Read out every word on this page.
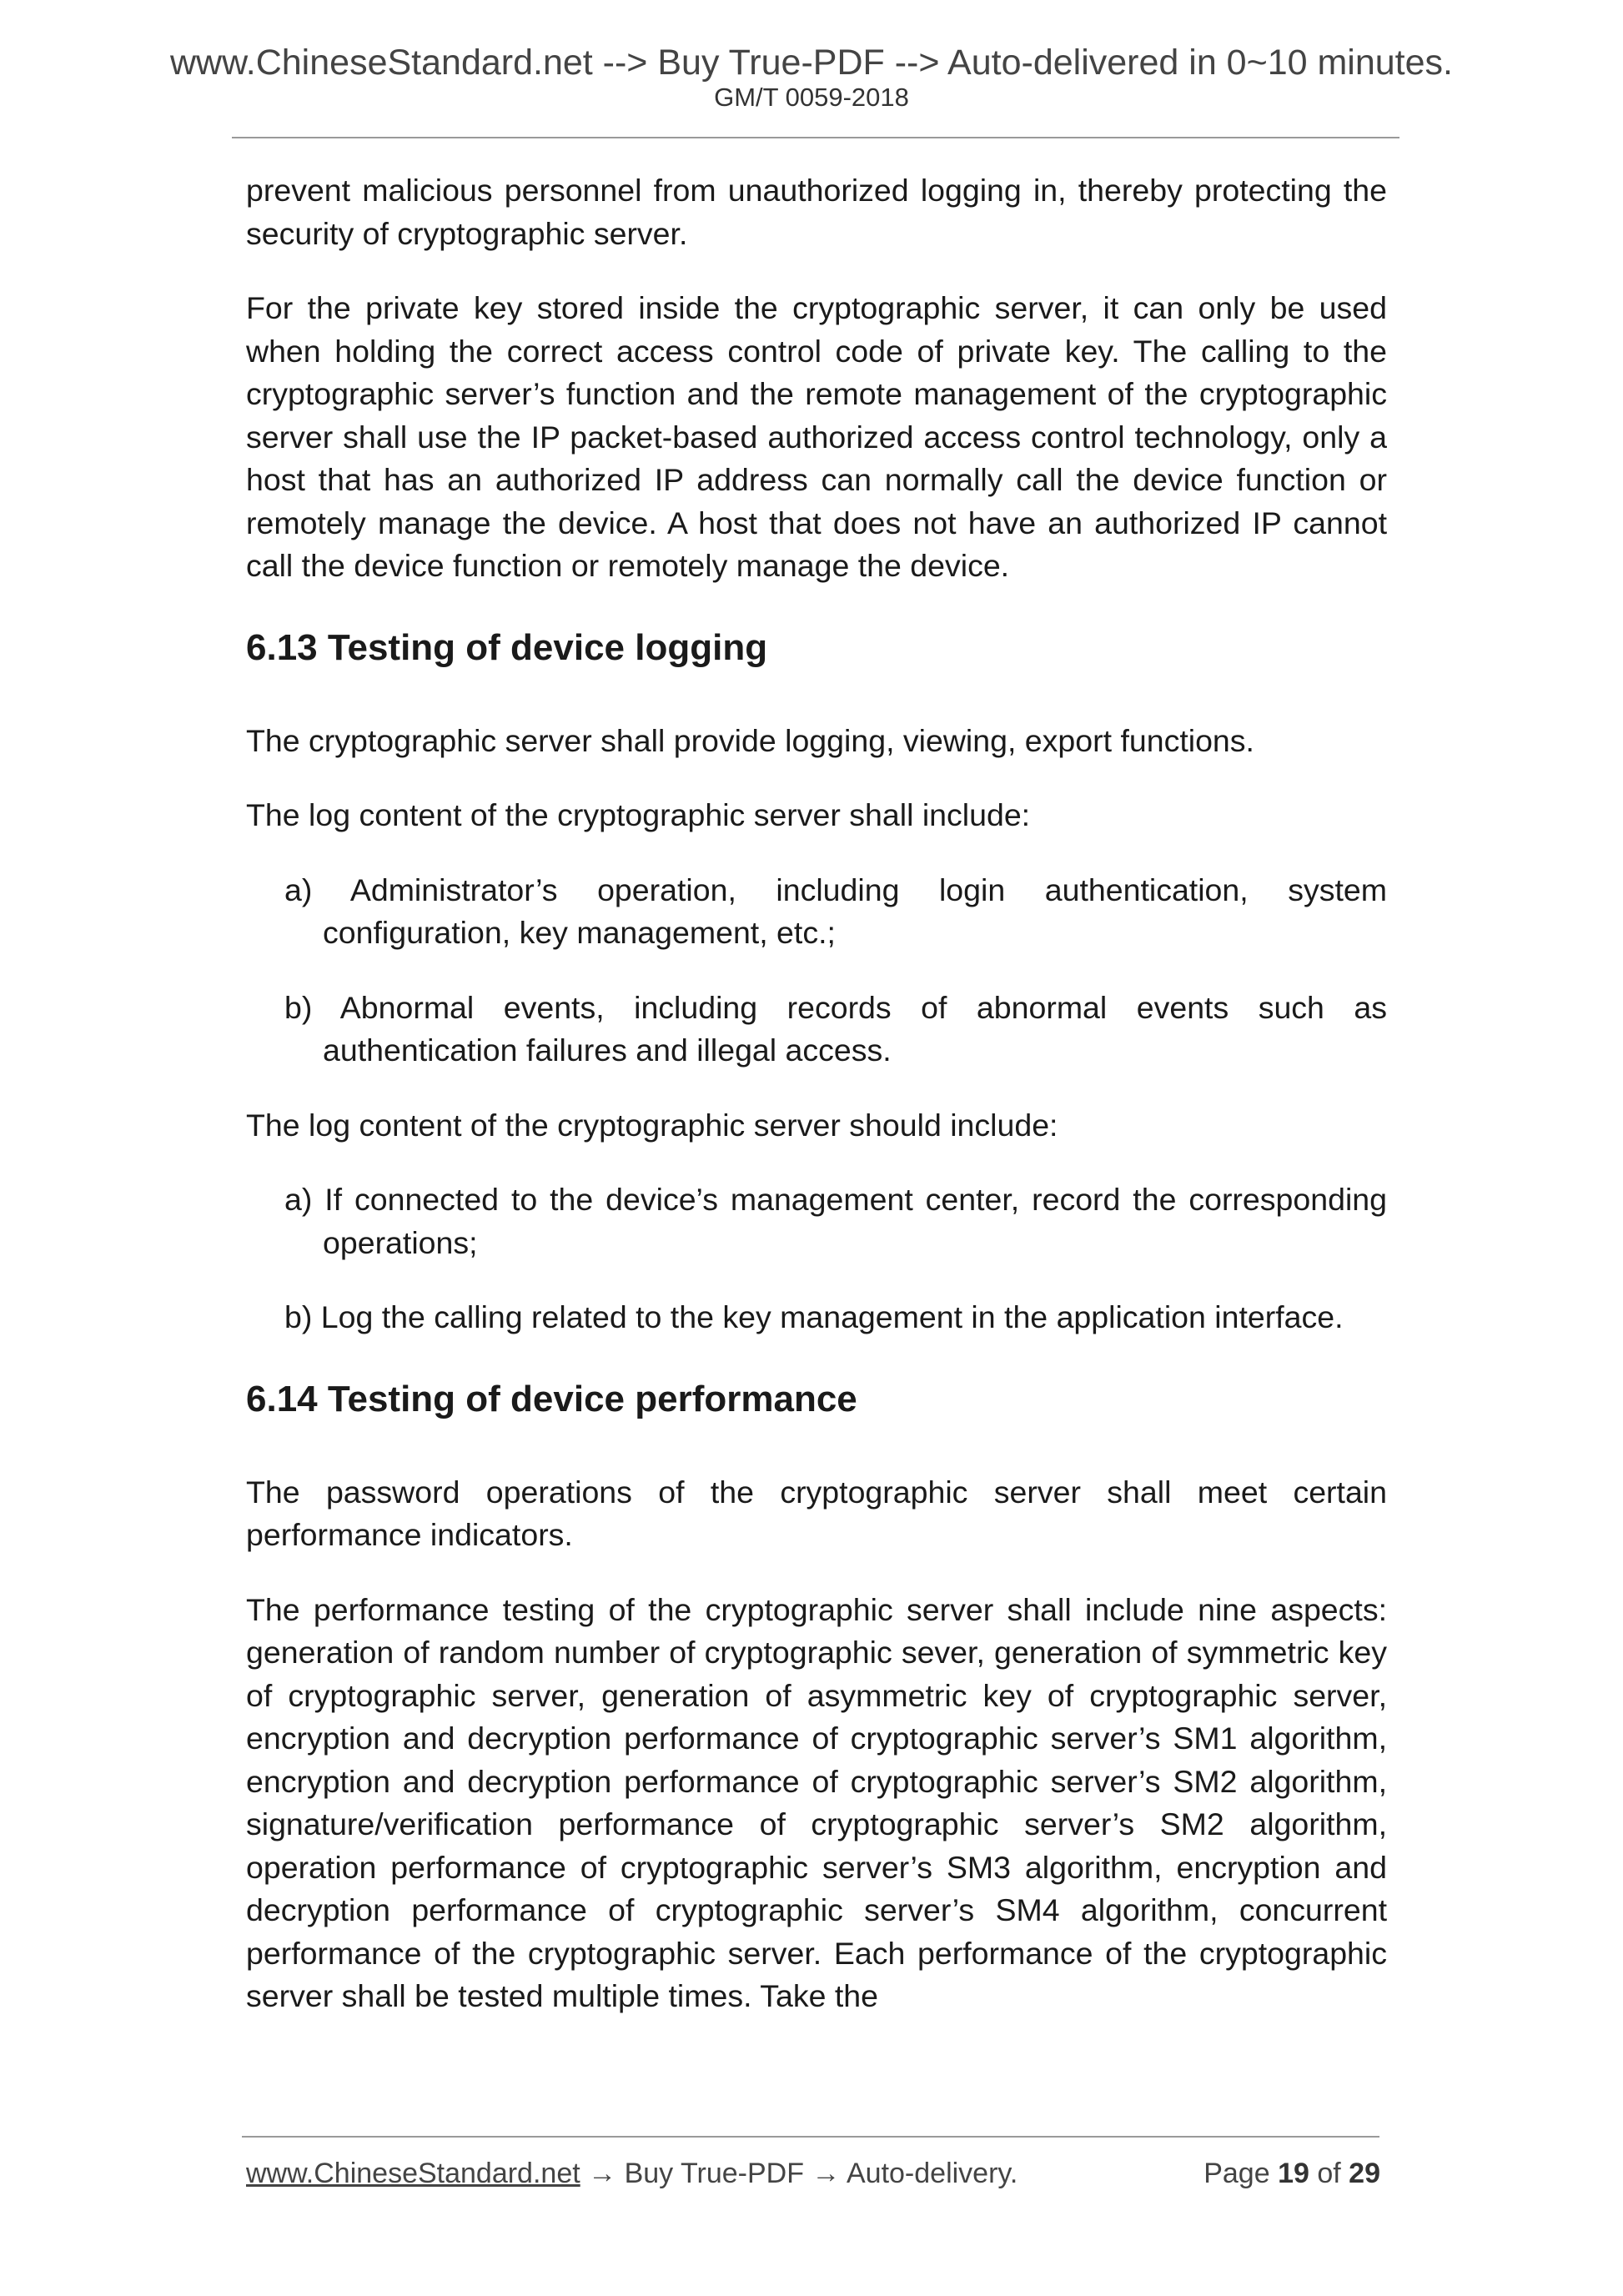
www.ChineseStandard.net --> Buy True-PDF --> Auto-delivered in 0~10 minutes.
GM/T 0059-2018

prevent malicious personnel from unauthorized logging in, thereby protecting the security of cryptographic server.

For the private key stored inside the cryptographic server, it can only be used when holding the correct access control code of private key. The calling to the cryptographic server’s function and the remote management of the cryptographic server shall use the IP packet-based authorized access control technology, only a host that has an authorized IP address can normally call the device function or remotely manage the device. A host that does not have an authorized IP cannot call the device function or remotely manage the device.

6.13 Testing of device logging

The cryptographic server shall provide logging, viewing, export functions.

The log content of the cryptographic server shall include:

a) Administrator’s operation, including login authentication, system configuration, key management, etc.;
b) Abnormal events, including records of abnormal events such as authentication failures and illegal access.

The log content of the cryptographic server should include:

a) If connected to the device’s management center, record the corresponding operations;
b) Log the calling related to the key management in the application interface.
6.14 Testing of device performance

The password operations of the cryptographic server shall meet certain performance indicators.

The performance testing of the cryptographic server shall include nine aspects: generation of random number of cryptographic sever, generation of symmetric key of cryptographic server, generation of asymmetric key of cryptographic server, encryption and decryption performance of cryptographic server’s SM1 algorithm, encryption and decryption performance of cryptographic server’s SM2 algorithm, signature/verification performance of cryptographic server’s SM2 algorithm, operation performance of cryptographic server’s SM3 algorithm, encryption and decryption performance of cryptographic server’s SM4 algorithm, concurrent performance of the cryptographic server. Each performance of the cryptographic server shall be tested multiple times. Take the

www.ChineseStandard.net → Buy True-PDF → Auto-delivery.	Page 19 of 29
